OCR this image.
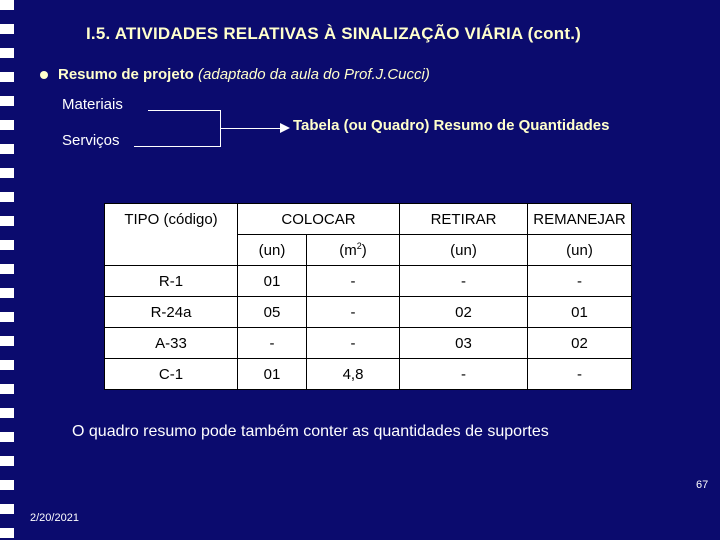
I.5. ATIVIDADES RELATIVAS À SINALIZAÇÃO VIÁRIA (cont.)
Resumo de projeto (adaptado da aula do Prof.J.Cucci)
Materiais
Serviços
Tabela (ou Quadro) Resumo de Quantidades
TIPO (código)	COLOCAR		RETIRAR	REMANEJAR
	(un)	$(m^2)$	(un)	(un)
R-1	01	-	-	-
R-24a	05	-	02	01
A-33	-	-	03	02
C-1	01	4,8	-	-
O quadro resumo pode também conter as quantidades de suportes
2/20/2021
67
